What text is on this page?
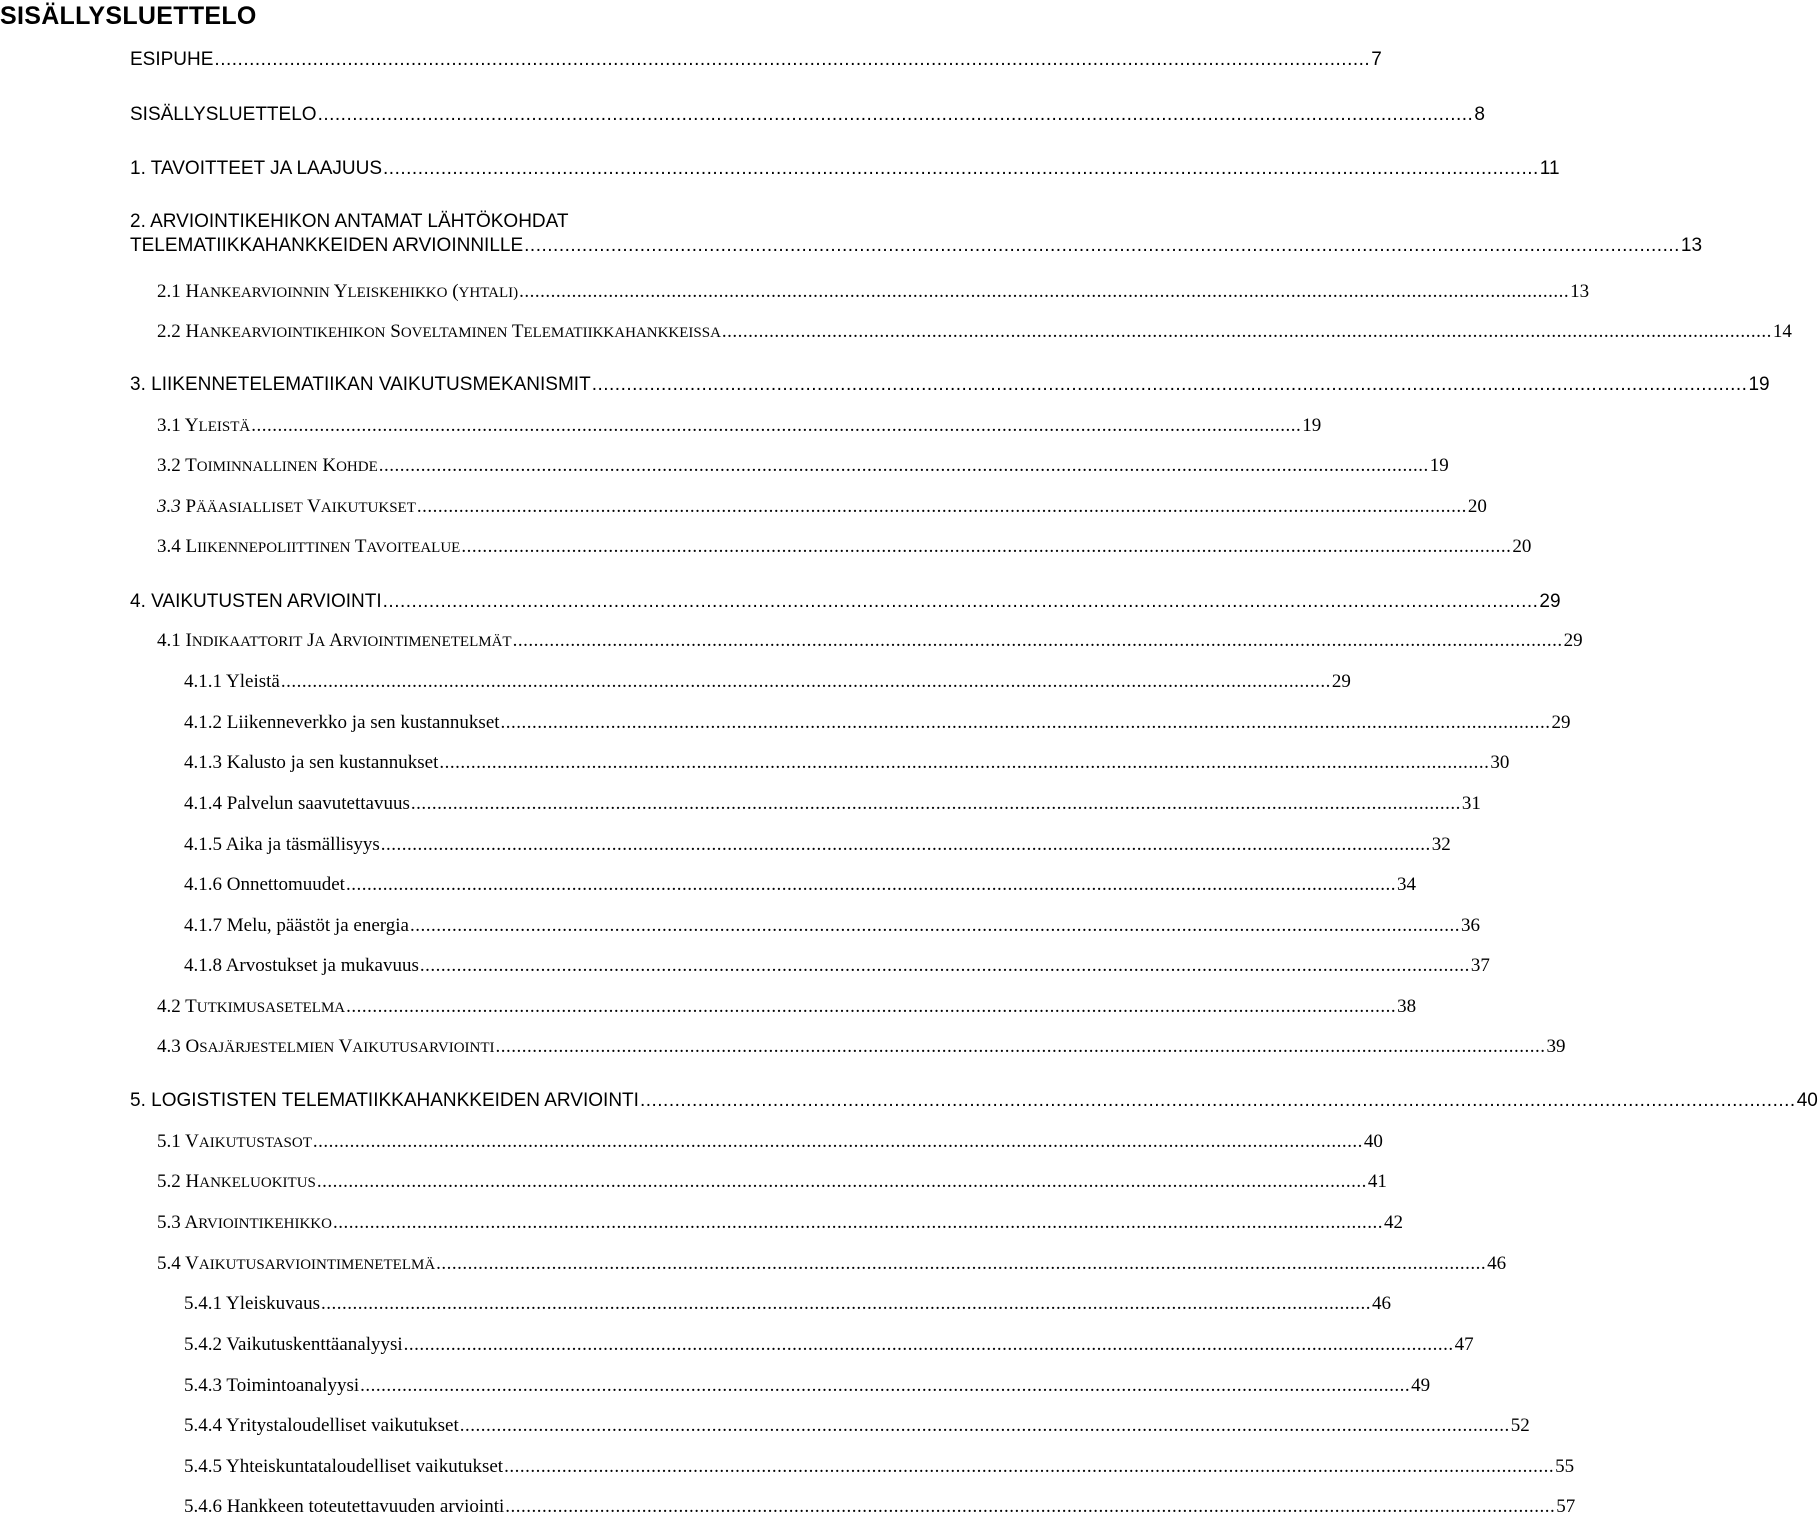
SISÄLLYSLUETTELO
ESIPUHE ........................................................................................................................................................................................................ 7
SISÄLLYSLUETTELO ........................................................................................................................................................................................................ 8
1. TAVOITTEET JA LAAJUUS ........................................................................................................................................................................................................ 11
2. ARVIOINTIKEHIKON ANTAMAT LÄHTÖKOHDAT
TELEMATIIKKAHANKKEIDEN ARVIOINNILLE ........................................................................................................................................................................................................ 13
2.1 HANKEARVIOINNIN YLEISKEHIKKO (YHTALI) ........................................................................................................................................................................................................ 13
2.2 HANKEARVIOINTIKEHIKON SOVELTAMINEN TELEMATIIKKAHANKKEISSA ........................................................................................................................................................................................................ 14
3. LIIKENNETELEMATIIKAN VAIKUTUSMEKANISMIT ........................................................................................................................................................................................................ 19
3.1 YLEISTÄ ........................................................................................................................................................................................................ 19
3.2 TOIMINNALLINEN KOHDE ........................................................................................................................................................................................................ 19
3.3 PÄÄASIALLISET VAIKUTUKSET ........................................................................................................................................................................................................ 20
3.4 LIIKENNEPOLIITTINEN TAVOITEALUE ........................................................................................................................................................................................................ 20
4. VAIKUTUSTEN ARVIOINTI ........................................................................................................................................................................................................ 29
4.1 INDIKAATTORIT JA ARVIOINTIMENETELMÄT ........................................................................................................................................................................................................ 29
4.1.1 Yleistä ........................................................................................................................................................................................................ 29
4.1.2 Liikenneverkko ja sen kustannukset ........................................................................................................................................................................................................ 29
4.1.3 Kalusto ja sen kustannukset ........................................................................................................................................................................................................ 30
4.1.4 Palvelun saavutettavuus ........................................................................................................................................................................................................ 31
4.1.5 Aika ja täsmällisyys ........................................................................................................................................................................................................ 32
4.1.6 Onnettomuudet ........................................................................................................................................................................................................ 34
4.1.7 Melu, päästöt ja energia ........................................................................................................................................................................................................ 36
4.1.8 Arvostukset ja mukavuus ........................................................................................................................................................................................................ 37
4.2 TUTKIMUSASETELMA ........................................................................................................................................................................................................ 38
4.3 OSAJÄRJESTELMIEN VAIKUTUSARVIOINTI ........................................................................................................................................................................................................ 39
5. LOGISTISTEN TELEMATIIKKAHANKKEIDEN ARVIOINTI ........................................................................................................................................................................................................ 40
5.1 VAIKUTUSTASOT ........................................................................................................................................................................................................ 40
5.2 HANKELUOKITUS ........................................................................................................................................................................................................ 41
5.3 ARVIOINTIKEHIKKO ........................................................................................................................................................................................................ 42
5.4 VAIKUTUSARVIOINTIMENETELMÄ ........................................................................................................................................................................................................ 46
5.4.1 Yleiskuvaus ........................................................................................................................................................................................................ 46
5.4.2 Vaikutuskenttäanalyysi ........................................................................................................................................................................................................ 47
5.4.3 Toimintoanalyysi ........................................................................................................................................................................................................ 49
5.4.4 Yritystaloudelliset vaikutukset ........................................................................................................................................................................................................ 52
5.4.5 Yhteiskuntataloudelliset vaikutukset ........................................................................................................................................................................................................ 55
5.4.6 Hankkeen toteutettavuuden arviointi ........................................................................................................................................................................................................ 57
